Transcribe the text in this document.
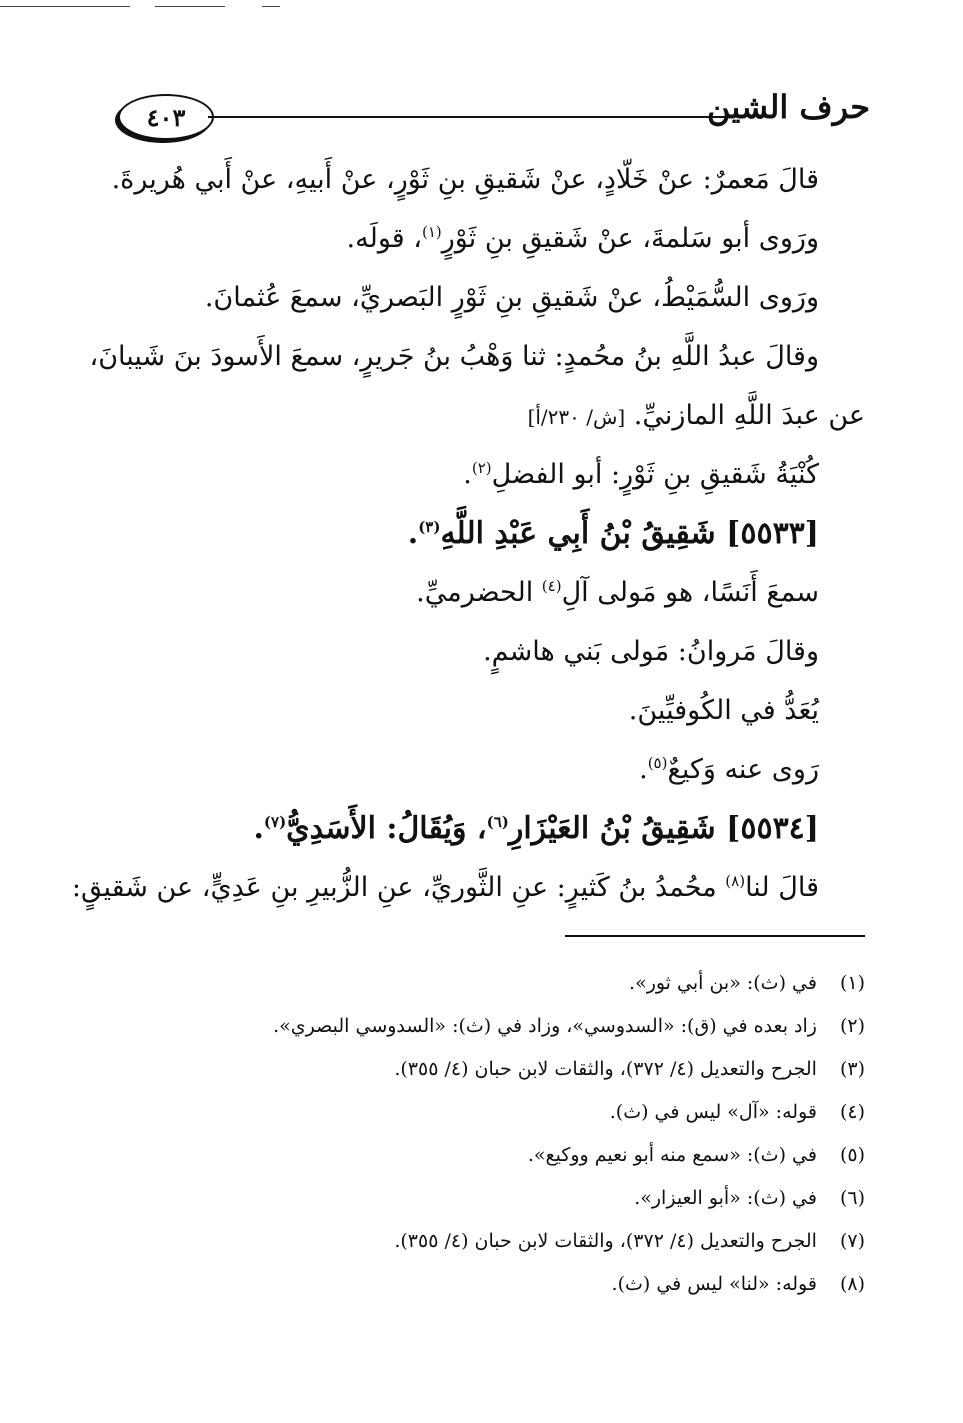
٤٠٣	حرف الشين
قالَ مَعمرٌ: عنْ خَلّادٍ، عنْ شَقيقِ بنِ ثَوْرٍ، عنْ أَبيهِ، عنْ أَبي هُريرةَ.
ورَوى أبو سَلمةَ، عنْ شَقيقِ بنِ ثَوْرٍ$^{(١)}$، قولَه.
ورَوى السُّمَيْطُ، عنْ شَقيقِ بنِ ثَوْرٍ البَصريِّ، سمعَ عُثمانَ.
وقالَ عبدُ اللَّهِ بنُ محُمدٍ: ثنا وَهْبُ بنُ جَريرٍ، سمعَ الأَسودَ بنَ شَيبانَ،
عن عبدَ اللَّهِ المازنيِّ. [ش/ ٢٣٠/أ]
كُنْيَةُ شَقيقِ بنِ ثَوْرٍ: أبو الفضلِ$^{(٢)}$.
[٥٥٣٣] شَقِيقُ بْنُ أَبِي عَبْدِ اللَّهِ$^{(٣)}$.
سمعَ أَنَسًا، هو مَولى آلِ$^{(٤)}$ الحضرميِّ.
وقالَ مَروانُ: مَولى بَني هاشمٍ.
يُعَدُّ في الكُوفيِّينَ.
رَوى عنه وَكيعٌ$^{(٥)}$.
[٥٥٣٤] شَقِيقُ بْنُ العَيْزَارِ$^{(٦)}$، وَيُقَالُ: الأَسَدِيُّ$^{(٧)}$.
قالَ لنا$^{(٨)}$ محُمدُ بنُ كَثيرٍ: عنِ الثَّوريِّ، عنِ الزُّبيرِ بنِ عَدِيٍّ، عن شَقيقٍ:
(١) في (ث): «بن أبي ثور».
(٢) زاد بعده في (ق): «السدوسي»، وزاد في (ث): «السدوسي البصري».
(٣) الجرح والتعديل (٤/ ٣٧٢)، والثقات لابن حبان (٤/ ٣٥٥).
(٤) قوله: «آل» ليس في (ث).
(٥) في (ث): «سمع منه أبو نعيم ووكيع».
(٦) في (ث): «أبو العيزار».
(٧) الجرح والتعديل (٤/ ٣٧٢)، والثقات لابن حبان (٤/ ٣٥٥).
(٨) قوله: «لنا» ليس في (ث).
